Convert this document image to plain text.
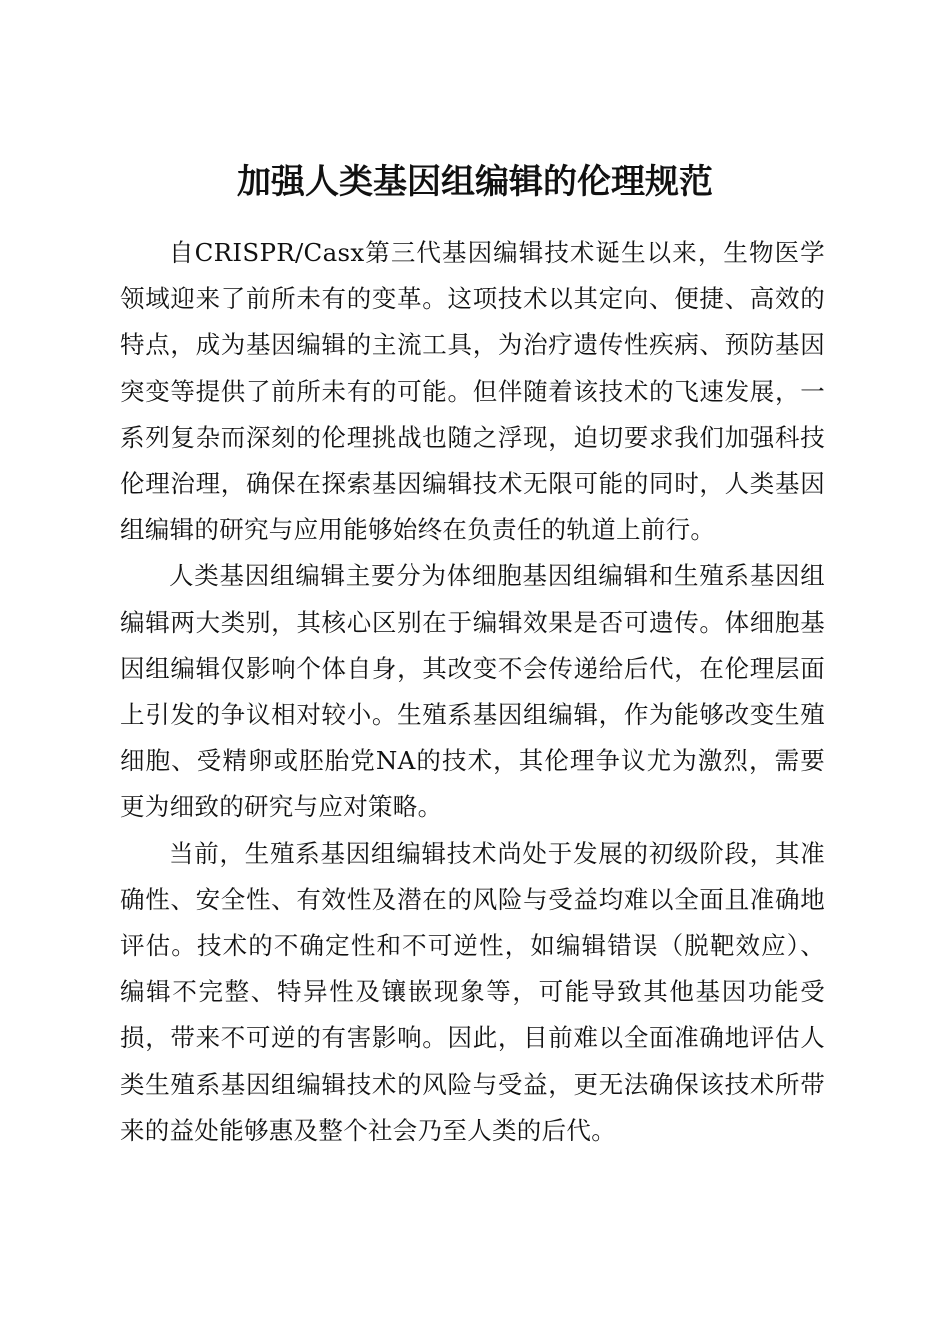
加强人类基因组编辑的伦理规范

自CRISPR/Casx第三代基因编辑技术诞生以来，生物医学领域迎来了前所未有的变革。这项技术以其定向、便捷、高效的特点，成为基因编辑的主流工具，为治疗遗传性疾病、预防基因突变等提供了前所未有的可能。但伴随着该技术的飞速发展，一系列复杂而深刻的伦理挑战也随之浮现，迫切要求我们加强科技伦理治理，确保在探索基因编辑技术无限可能的同时，人类基因组编辑的研究与应用能够始终在负责任的轨道上前行。

人类基因组编辑主要分为体细胞基因组编辑和生殖系基因组编辑两大类别，其核心区别在于编辑效果是否可遗传。体细胞基因组编辑仅影响个体自身，其改变不会传递给后代，在伦理层面上引发的争议相对较小。生殖系基因组编辑，作为能够改变生殖细胞、受精卵或胚胎党NA的技术，其伦理争议尤为激烈，需要更为细致的研究与应对策略。

当前，生殖系基因组编辑技术尚处于发展的初级阶段，其准确性、安全性、有效性及潜在的风险与受益均难以全面且准确地评估。技术的不确定性和不可逆性，如编辑错误（脱靶效应）、编辑不完整、特异性及镶嵌现象等，可能导致其他基因功能受损，带来不可逆的有害影响。因此，目前难以全面准确地评估人类生殖系基因组编辑技术的风险与受益，更无法确保该技术所带来的益处能够惠及整个社会乃至人类的后代。
